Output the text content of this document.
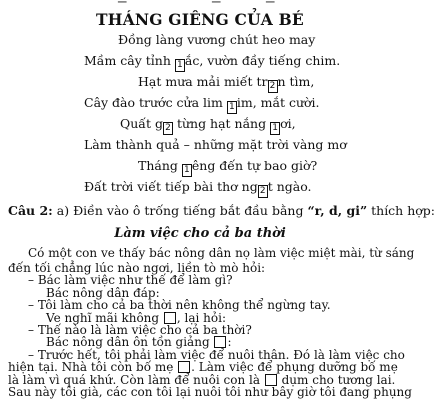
THÁNG GIÊNG CỦA BÉ
Đồng làng vương chút heo may
Mầm cây tỉnh 1 ắc, vườn đầy tiếng chim.
Hạt mưa mải miết tr 2 n tìm,
Cây đào trước cửa lim 1 im, mắt cười.
Quất g 2 từng hạt nắng 1 ơi,
Làm thành quả – những mặt trời vàng mơ
Tháng 1 êng đến tự bao giờ?
Đất trời viết tiếp bài thơ ng 2 t ngào.
Câu 2: a) Điền vào ô trống tiếng bắt đầu bằng “r, d, gi” thích hợp:
Làm việc cho cả ba thời
Có một con ve thấy bác nông dân nọ làm việc miệt mài, từ sáng
đến tối chẳng lúc nào ngơi, liền tò mò hỏi:
– Bác làm việc như thế để làm gì?
Bác nông dân đáp:
– Tôi làm cho cả ba thời nên không thể ngừng tay.
Ve nghĩ mãi không , lại hỏi:
– Thế nào là làm việc cho cả ba thời?
Bác nông dân ôn tồn giảng :
– Trước hết, tôi phải làm việc để nuôi thân. Đó là làm việc cho
hiện tại. Nhà tôi còn bố mẹ . Làm việc để phụng dưỡng bố mẹ
là làm vì quá khứ. Còn làm để nuôi con là  dụm cho tương lai.
Sau này tôi già, các con tôi lại nuôi tôi như bây giờ tôi đang phụng
